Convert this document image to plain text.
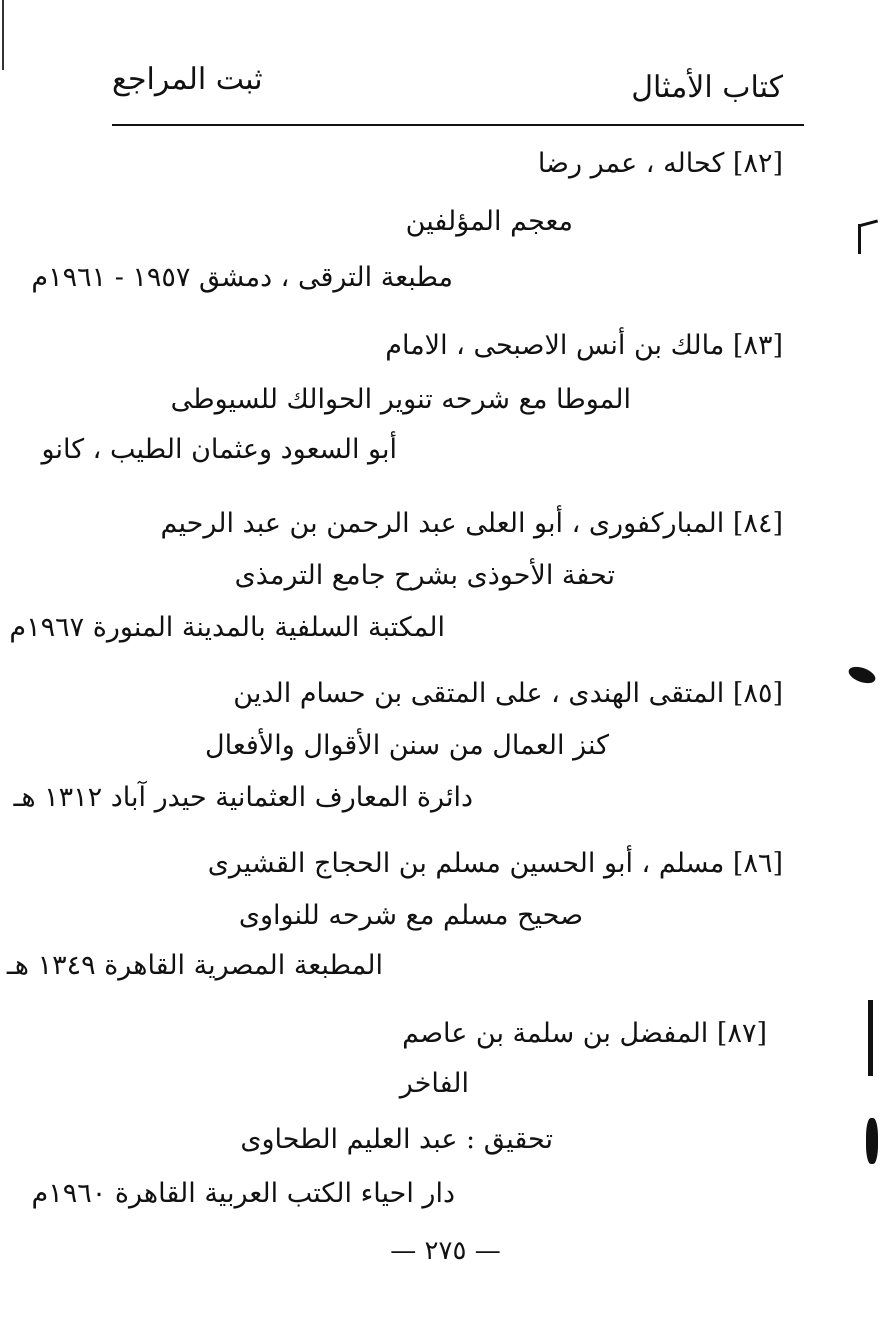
كتاب الأمثال
ثبت المراجع
[٨٢] كحاله ، عمر رضا
معجم المؤلفين
مطبعة الترقى ، دمشق ١٩٥٧ - ١٩٦١م
[٨٣] مالك بن أنس الاصبحى ، الامام
الموطا مع شرحه تنوير الحوالك للسيوطى
أبو السعود وعثمان الطيب ، كانو
[٨٤] المباركفورى ، أبو العلى عبد الرحمن بن عبد الرحيم
تحفة الأحوذى بشرح جامع الترمذى
المكتبة السلفية بالمدينة المنورة ١٩٦٧م
[٨٥] المتقى الهندى ، على المتقى بن حسام الدين
كنز العمال من سنن الأقوال والأفعال
دائرة المعارف العثمانية حيدر آباد ١٣١٢ هـ
[٨٦] مسلم ، أبو الحسين مسلم بن الحجاج القشيرى
صحيح مسلم مع شرحه للنواوى
المطبعة المصرية القاهرة ١٣٤٩ هـ
[٨٧] المفضل بن سلمة بن عاصم
الفاخر
تحقيق : عبد العليم الطحاوى
دار احياء الكتب العربية القاهرة ١٩٦٠م
— ٢٧٥ —
